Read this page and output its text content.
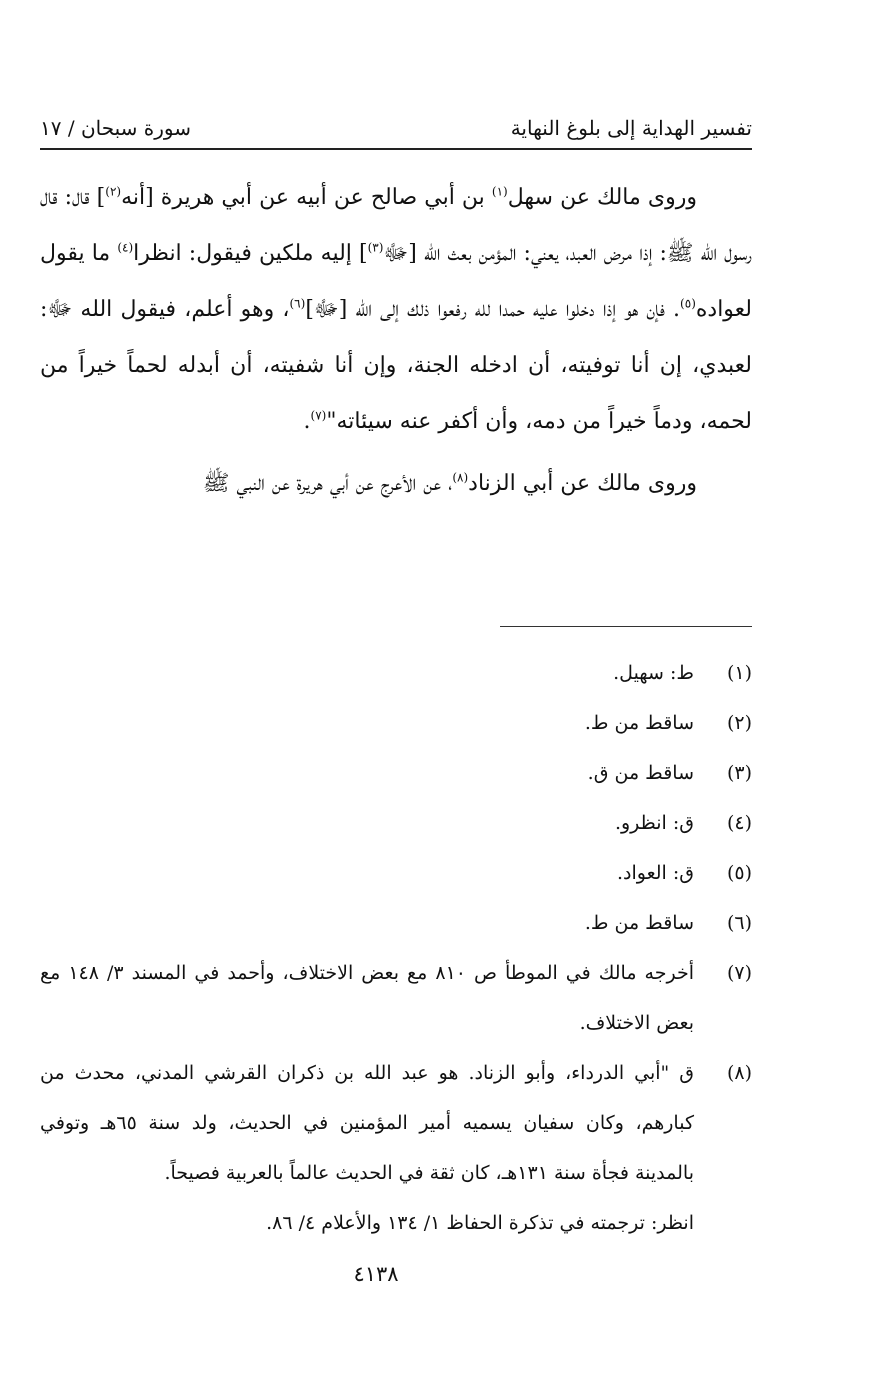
تفسير الهداية إلى بلوغ النهاية
سورة سبحان / ١٧

وروى مالك عن سهل$^{(١)}$ بن أبي صالح عن أبيه عن أبي هريرة [أنه$^{(٢)}$] قال: قال رسول الله ﷺ: إذا مرض العبد، يعني: المؤمن بعث الله [ﷻ$^{(٣)}$] إليه ملكين فيقول: انظرا$^{(٤)}$ ما يقول لعواده$^{(٥)}$. فإن هو إذا دخلوا عليه حمدا لله رفعوا ذلك إلى الله [ﷻ]$^{(٦)}$، وهو أعلم، فيقول الله ﷻ: لعبدي، إن أنا توفيته، أن ادخله الجنة، وإن أنا شفيته، أن أبدله لحماً خيراً من لحمه، ودماً خيراً من دمه، وأن أكفر عنه سيئاته"$^{(٧)}$.

وروى مالك عن أبي الزناد$^{(٨)}$، عن الأعرج عن أبي هريرة عن النبي ﷺ

(١)
ط: سهيل.
(٢)
ساقط من ط.
(٣)
ساقط من ق.
(٤)
ق: انظرو.
(٥)
ق: العواد.
(٦)
ساقط من ط.
(٧)
أخرجه مالك في الموطأ ص ٨١٠ مع بعض الاختلاف، وأحمد في المسند ٣/ ١٤٨ مع بعض الاختلاف.
(٨)
ق "أبي الدرداء، وأبو الزناد. هو عبد الله بن ذكران القرشي المدني، محدث من كبارهم، وكان سفيان يسميه أمير المؤمنين في الحديث، ولد سنة ٦٥هـ وتوفي بالمدينة فجأة سنة ١٣١هـ، كان ثقة في الحديث عالماً بالعربية فصيحاً.
انظر: ترجمته في تذكرة الحفاظ ١/ ١٣٤ والأعلام ٤/ ٨٦.
٤١٣٨
